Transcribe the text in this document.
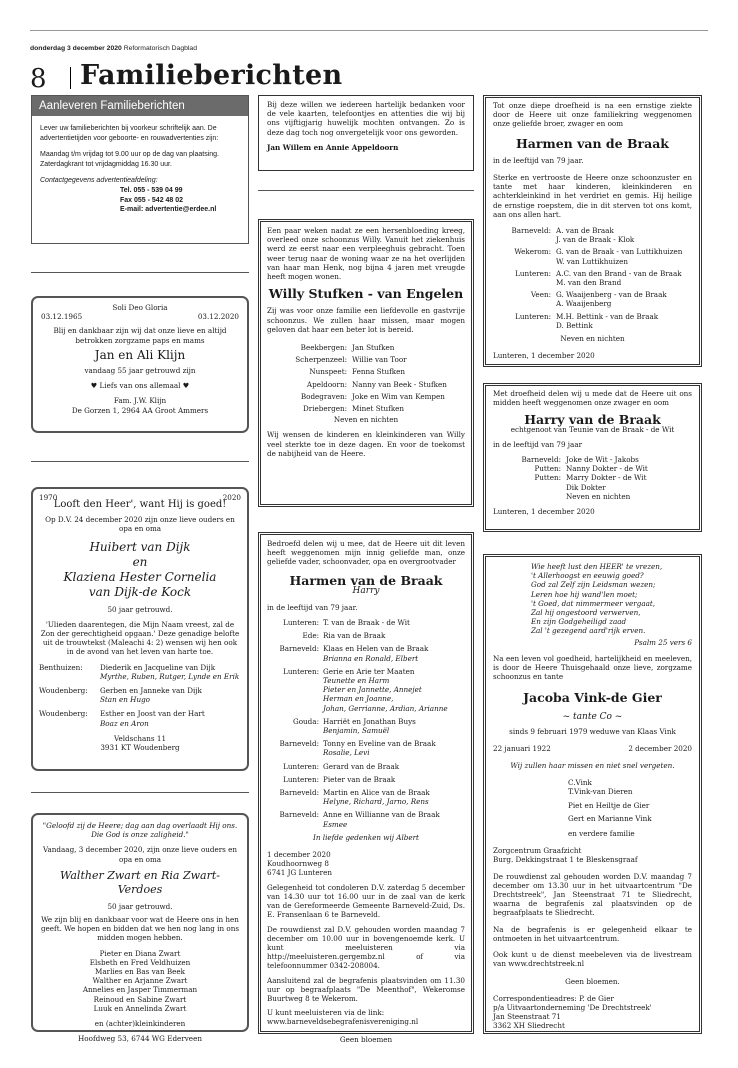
donderdag 3 december 2020 Reformatorisch Dagblad
8 Familieberichten
Aanleveren Familieberichten
Lever uw familieberichten bij voorkeur schriftelijk aan. De advertentietijden voor geboorte- en rouwadvertenties zijn:
Maandag t/m vrijdag tot 9.00 uur op de dag van plaatsing.
Zaterdagkrant tot vrijdagmiddag 16.30 uur.
Contactgegevens advertentieafdeling:
Tel. 055 - 539 04 99
Fax 055 - 542 48 02
E-mail: advertentie@erdee.nl
Soli Deo Gloria
03.12.1965	03.12.2020
Blij en dankbaar zijn wij dat onze lieve en altijd betrokken zorgzame paps en mams
Jan en Ali Klijn
vandaag 55 jaar getrouwd zijn
♥ Liefs van ons allemaal ♥
Fam. J.W. Klijn
De Gorzen 1, 2964 AA Groot Ammers
1970	2020
Looft den Heer', want Hij is goed!
Op D.V. 24 december 2020 zijn onze lieve ouders en opa en oma
Huibert van Dijk
en
Klaziena Hester Cornelia
van Dijk-de Kock
50 jaar getrouwd.
'Ulieden daarentegen, die Mijn Naam vreest, zal de Zon der gerechtigheid opgaan.' Deze genadige belofte uit de trouwtekst (Maleachi 4: 2) wensen wij hen ook in de avond van het leven van harte toe.
Benthuizen:	Diederik en Jacqueline van Dijk
Myrthe, Ruben, Rutger, Lynde en Erik
Woudenberg:	Gerben en Janneke van Dijk
Stan en Hugo
Woudenberg:	Esther en Joost van der Hart
Boaz en Aron
Veldschans 11
3931 KT Woudenberg
"Geloofd zij de Heere; dag aan dag overlaadt Hij ons. Die God is onze zaligheid."
Vandaag, 3 december 2020, zijn onze lieve ouders en opa en oma
Walther Zwart en Ria Zwart-Verdoes
50 jaar getrouwd.
We zijn blij en dankbaar voor wat de Heere ons in hen geeft. We hopen en bidden dat we hen nog lang in ons midden mogen hebben.
Pieter en Diana Zwart
Elsbeth en Fred Veldhuizen
Marlies en Bas van Beek
Walther en Arjanne Zwart
Annelies en Jasper Timmerman
Reinoud en Sabine Zwart
Luuk en Annelinda Zwart
en (achter)kleinkinderen
Hoofdweg 53, 6744 WG Ederveen
Bij deze willen we iedereen hartelijk bedanken voor de vele kaarten, telefoontjes en attenties die wij bij ons vijftigjarig huwelijk mochten ontvangen. Zo is deze dag toch nog onvergetelijk voor ons geworden.
Jan Willem en Annie Appeldoorn
Een paar weken nadat ze een hersenbloeding kreeg, overleed onze schoonzus Willy. Vanuit het ziekenhuis werd ze eerst naar een verpleeghuis gebracht. Toen weer terug naar de woning waar ze na het overlijden van haar man Henk, nog bijna 4 jaren met vreugde heeft mogen wonen.
Willy Stufken - van Engelen
Zij was voor onze familie een liefdevolle en gastvrije schoonzus. We zullen haar missen, maar mogen geloven dat haar een beter lot is bereid.
Beekbergen: Jan Stufken
Scherpenzeel: Willie van Toor
Nunspeet: Fenna Stufken
Apeldoorn: Nanny van Beek - Stufken
Bodegraven: Joke en Wim van Kempen
Driebergen: Minet Stufken
Neven en nichten
Wij wensen de kinderen en kleinkinderen van Willy veel sterkte toe in deze dagen. En voor de toekomst de nabijheid van de Heere.
Bedroefd delen wij u mee, dat de Heere uit dit leven heeft weggenomen mijn innig geliefde man, onze geliefde vader, schoonvader, opa en overgrootvader
Harmen van de Braak
Harry
in de leeftijd van 79 jaar.
Lunteren: T. van de Braak - de Wit
Ede: Ria van de Braak
Barneveld: Klaas en Helen van de Braak
Brianna en Ronald, Elbert
Lunteren: Gerie en Arie ter Maaten
Teunette en Harm
Pieter en Jannette, Annejet
Herman en Joanne,
Johan, Gerrianne, Ardian, Arianne
Gouda: Harriët en Jonathan Buys
Benjamin, Samuël
Barneveld: Tonny en Eveline van de Braak
Rosalie, Levi
Lunteren: Gerard van de Braak
Lunteren: Pieter van de Braak
Barneveld: Martin en Alice van de Braak
Helyne, Richard, Jarno, Rens
Barneveld: Anne en Willianne van de Braak
Esmee
In liefde gedenken wij Albert
1 december 2020
Koudhoornweg 8
6741 JG Lunteren
Gelegenheid tot condoleren D.V. zaterdag 5 december van 14.30 uur tot 16.00 uur in de zaal van de kerk van de Gereformeerde Gemeente Barneveld-Zuid, Ds. E. Fransenlaan 6 te Barneveld.
De rouwdienst zal D.V. gehouden worden maandag 7 december om 10.00 uur in bovengenoemde kerk. U kunt meeluisteren via http://meeluisteren.gergembz.nl of via telefoonnummer 0342-208004.
Aansluitend zal de begrafenis plaatsvinden om 11.30 uur op begraafplaats "De Meenthof", Wekeromse Buurtweg 8 te Wekerom.
U kunt meeluisteren via de link:
www.barneveldsebegrafenisvereniging.nl
Geen bloemen
Tot onze diepe droefheid is na een ernstige ziekte door de Heere uit onze familiekring weggenomen onze geliefde broer, zwager en oom
Harmen van de Braak
in de leeftijd van 79 jaar.
Sterke en vertrooste de Heere onze schoonzuster en tante met haar kinderen, kleinkinderen en achterkleinkind in het verdriet en gemis. Hij heilige de ernstige roepstem, die in dit sterven tot ons komt, aan ons allen hart.
Barneveld: A. van de Braak
J. van de Braak - Klok
Wekerom: G. van de Braak - van Luttikhuizen
W. van Luttikhuizen
Lunteren: A.C. van den Brand - van de Braak
M. van den Brand
Veen: G. Waaijenberg - van de Braak
A. Waaijenberg
Lunteren: M.H. Bettink - van de Braak
D. Bettink
Neven en nichten
Lunteren, 1 december 2020
Met droefheid delen wij u mede dat de Heere uit ons midden heeft weggenomen onze zwager en oom
Harry van de Braak
echtgenoot van Teunie van de Braak - de Wit
in de leeftijd van 79 jaar
Barneveld: Joke de Wit - Jakobs
Putten: Nanny Dokter - de Wit
Putten: Marry Dokter - de Wit
Dik Dokter
Neven en nichten
Lunteren, 1 december 2020
Wie heeft lust den HEER' te vrezen,
't Allerhoogst en eeuwig goed?
God zal Zelf zijn Leidsman wezen;
Leren hoe hij wand'len moet;
't Goed, dat nimmermeer vergaat,
Zal hij ongestoord verwerven,
En zijn Godgeheiligd zaad
Zal 't gezegend aard'rijk erven.
Psalm 25 vers 6
Na een leven vol goedheid, hartelijkheid en meeleven, is door de Heere Thuisgehaald onze lieve, zorgzame schoonzus en tante
Jacoba Vink-de Gier
~ tante Co ~
sinds 9 februari 1979 weduwe van Klaas Vink
22 januari 1922	2 december 2020
Wij zullen haar missen en niet snel vergeten.
C.Vink
T.Vink-van Dieren
Piet en Heiltje de Gier
Gert en Marianne Vink
en verdere familie
Zorgcentrum Graafzicht
Burg. Dekkingstraat 1 te Bleskensgraaf
De rouwdienst zal gehouden worden D.V. maandag 7 december om 13.30 uur in het uitvaartcentrum "De Drechtstreek", Jan Steenstraat 71 te Sliedrecht, waarna de begrafenis zal plaatsvinden op de begraafplaats te Sliedrecht.
Na de begrafenis is er gelegenheid elkaar te ontmoeten in het uitvaartcentrum.
Ook kunt u de dienst meebeleven via de livestream van www.drechtstreek.nl
Geen bloemen.
Correspondentieadres: P. de Gier
p/a Uitvaartonderneming 'De Drechtstreek'
Jan Steenstraat 71
3362 XH Sliedrecht
